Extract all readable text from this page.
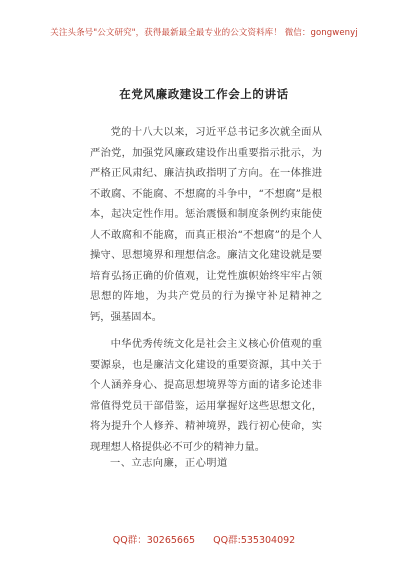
关注头条号"公文研究"，获得最新最全最专业的公文资料库！ 微信：gongwenyj
在党风廉政建设工作会上的讲话

党的十八大以来，习近平总书记多次就全面从严治党，加强党风廉政建设作出重要指示批示，为严格正风肃纪、廉洁执政指明了方向。在一体推进不敢腐、不能腐、不想腐的斗争中，“不想腐”是根本，起决定性作用。惩治震慑和制度条例约束能使人不敢腐和不能腐，而真正根治“不想腐”的是个人操守、思想境界和理想信念。廉洁文化建设就是要培育弘扬正确的价值观，让党性旗帜始终牢牢占领思想的阵地，为共产党员的行为操守补足精神之钙，强基固本。

中华优秀传统文化是社会主义核心价值观的重要源泉，也是廉洁文化建设的重要资源，其中关于个人涵养身心、提高思想境界等方面的诸多论述非常值得党员干部借鉴，运用掌握好这些思想文化，将为提升个人修养、精神境界，践行初心使命，实现理想人格提供必不可少的精神力量。

一、立志向廉，正心明道

QQ群：30265665      QQ群:535304092
